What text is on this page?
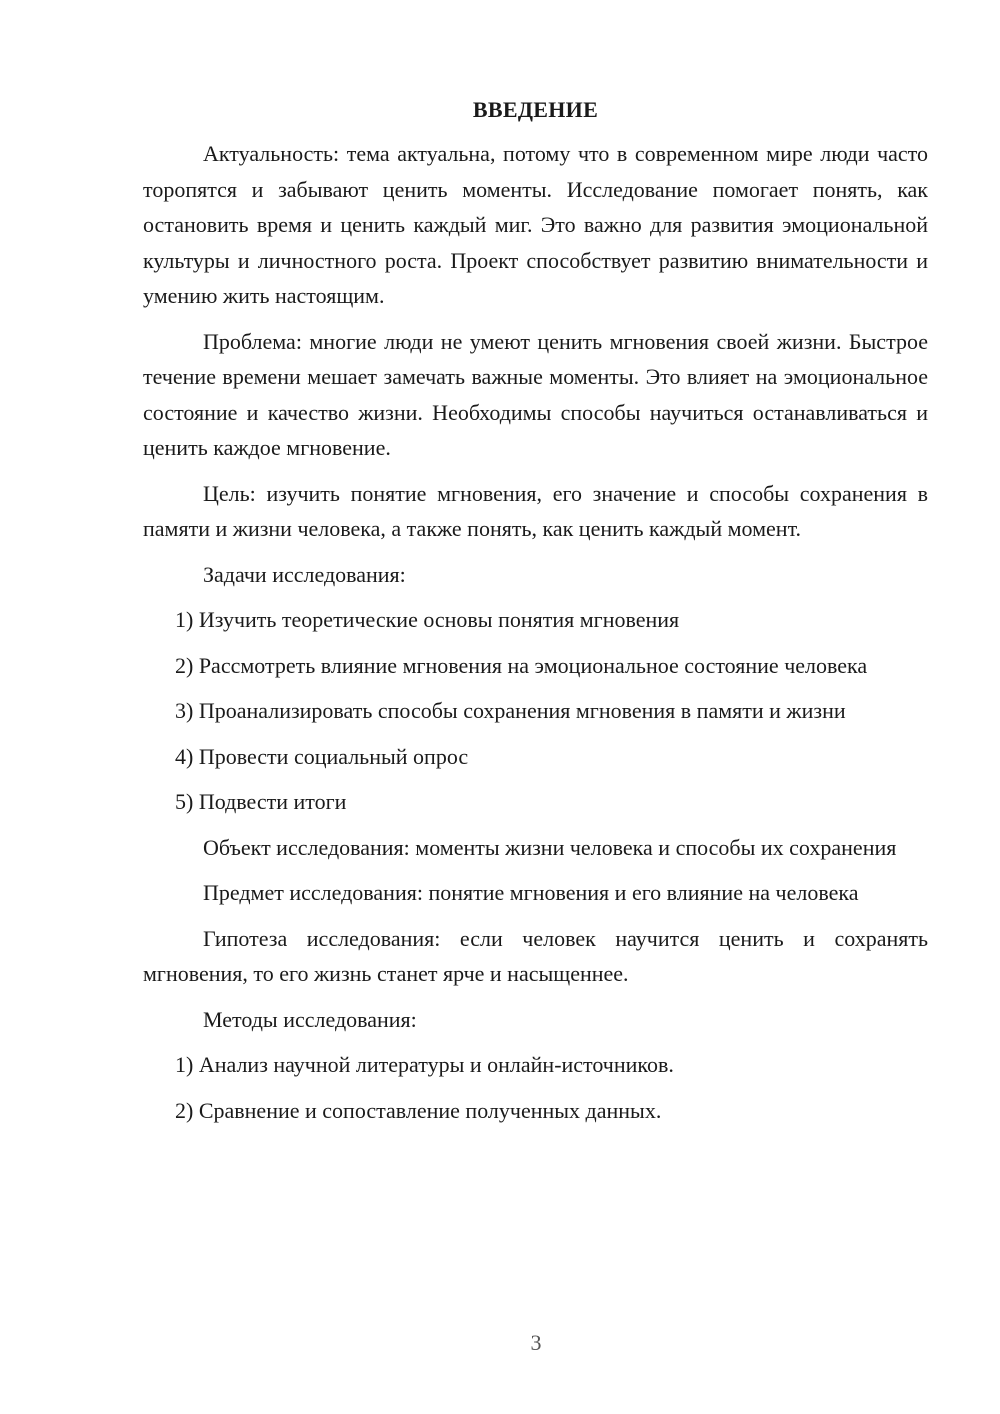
ВВЕДЕНИЕ

Актуальность: тема актуальна, потому что в современном мире люди часто торопятся и забывают ценить моменты. Исследование помогает понять, как остановить время и ценить каждый миг. Это важно для развития эмоциональной культуры и личностного роста. Проект способствует развитию внимательности и умению жить настоящим.

Проблема: многие люди не умеют ценить мгновения своей жизни. Быстрое течение времени мешает замечать важные моменты. Это влияет на эмоциональное состояние и качество жизни. Необходимы способы научиться останавливаться и ценить каждое мгновение.

Цель: изучить понятие мгновения, его значение и способы сохранения в памяти и жизни человека, а также понять, как ценить каждый момент.

Задачи исследования:

1) Изучить теоретические основы понятия мгновения

2) Рассмотреть влияние мгновения на эмоциональное состояние человека

3) Проанализировать способы сохранения мгновения в памяти и жизни

4) Провести социальный опрос

5) Подвести итоги

Объект исследования: моменты жизни человека и способы их сохранения

Предмет исследования: понятие мгновения и его влияние на человека

Гипотеза исследования: если человек научится ценить и сохранять мгновения, то его жизнь станет ярче и насыщеннее.

Методы исследования:

1) Анализ научной литературы и онлайн-источников.

2) Сравнение и сопоставление полученных данных.

3
